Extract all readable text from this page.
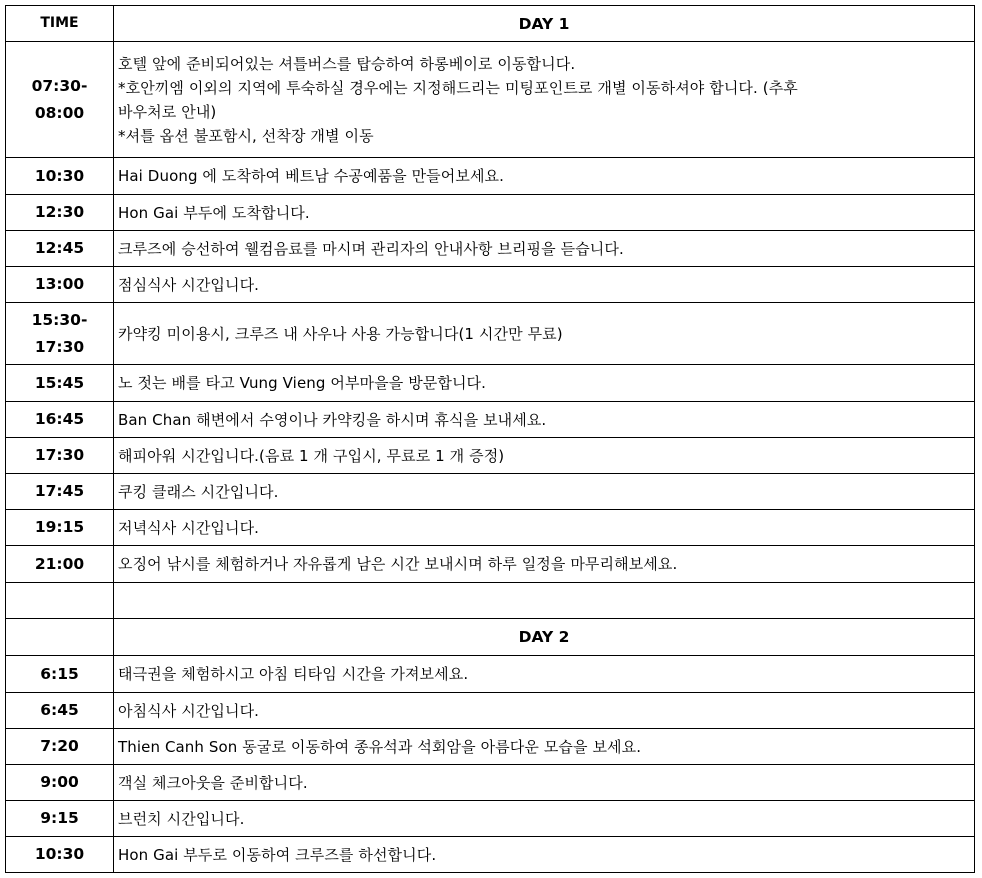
TIME	DAY 1

07:30-
08:00	호텔 앞에 준비되어있는 셔틀버스를 탑승하여 하롱베이로 이동합니다.
*호안끼엠 이외의 지역에 투숙하실 경우에는 지정해드리는 미팅포인트로 개별 이동하셔야 합니다. (추후
바우처로 안내)
*셔틀 옵션 불포함시, 선착장 개별 이동

10:30	Hai Duong 에 도착하여 베트남 수공예품을 만들어보세요.

12:30	Hon Gai 부두에 도착합니다.

12:45	크루즈에 승선하여 웰컴음료를 마시며 관리자의 안내사항 브리핑을 듣습니다.

13:00	점심식사 시간입니다.

15:30-
17:30	카약킹 미이용시, 크루즈 내 사우나 사용 가능합니다(1 시간만 무료)

15:45	노 젓는 배를 타고 Vung Vieng 어부마을을 방문합니다.

16:45	Ban Chan 해변에서 수영이나 카약킹을 하시며 휴식을 보내세요.

17:30	해피아워 시간입니다.(음료 1 개 구입시, 무료로 1 개 증정)

17:45	쿠킹 클래스 시간입니다.

19:15	저녁식사 시간입니다.

21:00	오징어 낚시를 체험하거나 자유롭게 남은 시간 보내시며 하루 일정을 마무리해보세요.

	DAY 2

6:15	태극권을 체험하시고 아침 티타임 시간을 가져보세요.

6:45	아침식사 시간입니다.

7:20	Thien Canh Son 동굴로 이동하여 종유석과 석회암을 아름다운 모습을 보세요.

9:00	객실 체크아웃을 준비합니다.

9:15	브런치 시간입니다.

10:30	Hon Gai 부두로 이동하여 크루즈를 하선합니다.
